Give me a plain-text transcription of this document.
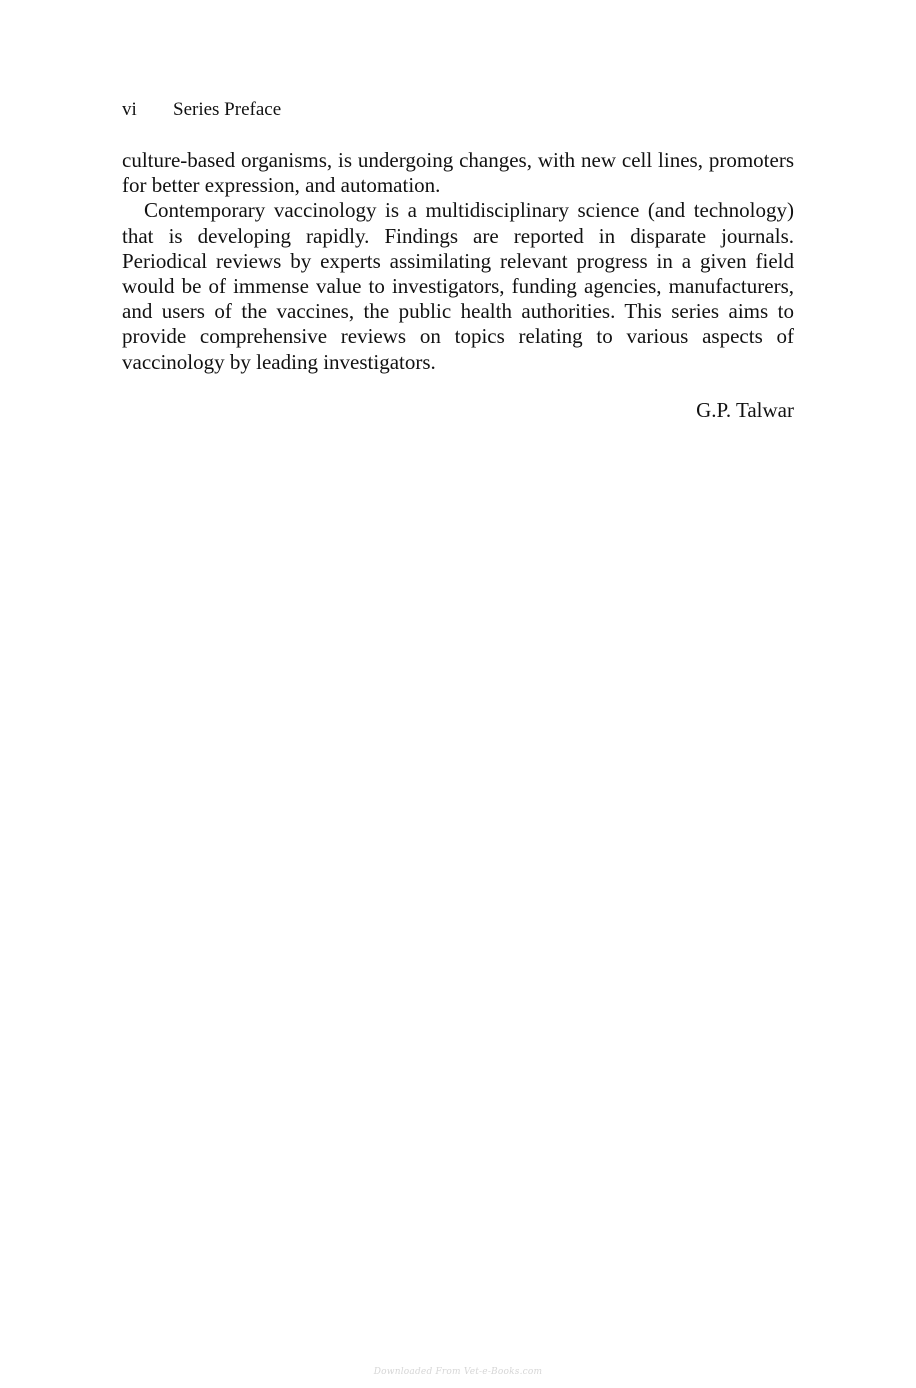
vi Series Preface

culture-based organisms, is undergoing changes, with new cell lines, promoters for better expression, and automation.

Contemporary vaccinology is a multidisciplinary science (and technology) that is developing rapidly. Findings are reported in disparate journals. Periodical reviews by experts assimilating relevant progress in a given field would be of immense value to investigators, funding agencies, manufacturers, and users of the vaccines, the public health authorities. This series aims to provide comprehensive reviews on topics relating to various aspects of vaccinology by leading investigators.

G.P. Talwar
Downloaded From Vet-e-Books.com
